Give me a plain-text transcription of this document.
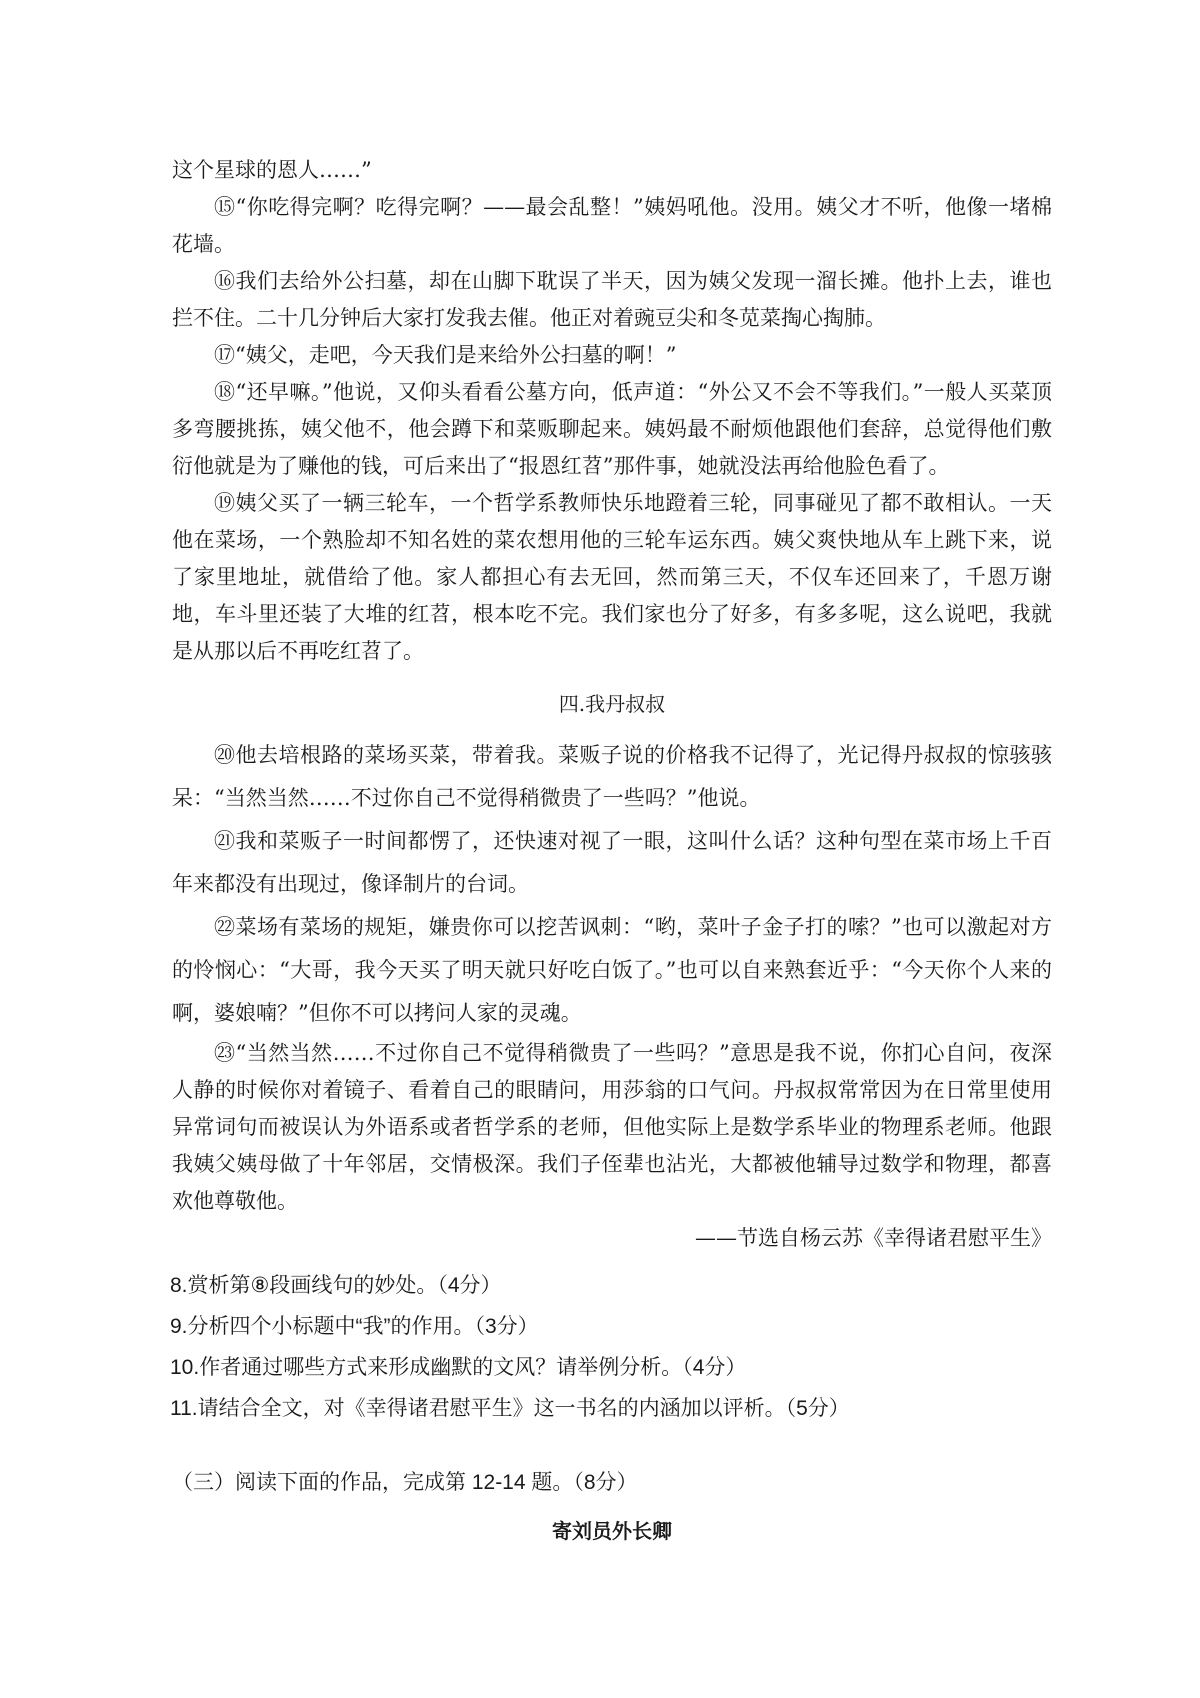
这个星球的恩人……”

⑮“你吃得完啊？吃得完啊？——最会乱整！”姨妈吼他。没用。姨父才不听，他像一堵棉花墙。

⑯我们去给外公扫墓，却在山脚下耽误了半天，因为姨父发现一溜长摊。他扑上去，谁也拦不住。二十几分钟后大家打发我去催。他正对着豌豆尖和冬苋菜掏心掏肺。

⑰“姨父，走吧，今天我们是来给外公扫墓的啊！”

⑱“还早嘛。”他说，又仰头看看公墓方向，低声道：“外公又不会不等我们。”一般人买菜顶多弯腰挑拣，姨父他不，他会蹲下和菜贩聊起来。姨妈最不耐烦他跟他们套辞，总觉得他们敷衍他就是为了赚他的钱，可后来出了“报恩红苕”那件事，她就没法再给他脸色看了。

⑲姨父买了一辆三轮车，一个哲学系教师快乐地蹬着三轮，同事碰见了都不敢相认。一天他在菜场，一个熟脸却不知名姓的菜农想用他的三轮车运东西。姨父爽快地从车上跳下来，说了家里地址，就借给了他。家人都担心有去无回，然而第三天，不仅车还回来了，千恩万谢地，车斗里还装了大堆的红苕，根本吃不完。我们家也分了好多，有多多呢，这么说吧，我就是从那以后不再吃红苕了。

四.我丹叔叔

⑳他去培根路的菜场买菜，带着我。菜贩子说的价格我不记得了，光记得丹叔叔的惊骇骇呆：“当然当然……不过你自己不觉得稍微贵了一些吗？”他说。

㉑我和菜贩子一时间都愣了，还快速对视了一眼，这叫什么话？这种句型在菜市场上千百年来都没有出现过，像译制片的台词。

㉒菜场有菜场的规矩，嫌贵你可以挖苦讽刺：“哟，菜叶子金子打的嗦？”也可以激起对方的怜悯心：“大哥，我今天买了明天就只好吃白饭了。”也可以自来熟套近乎：“今天你个人来的啊，婆娘喃？”但你不可以拷问人家的灵魂。

㉓“当然当然……不过你自己不觉得稍微贵了一些吗？”意思是我不说，你扪心自问，夜深人静的时候你对着镜子、看着自己的眼睛问，用莎翁的口气问。丹叔叔常常因为在日常里使用异常词句而被误认为外语系或者哲学系的老师，但他实际上是数学系毕业的物理系老师。他跟我姨父姨母做了十年邻居，交情极深。我们子侄辈也沾光，大都被他辅导过数学和物理，都喜欢他尊敬他。

——节选自杨云苏《幸得诸君慰平生》

8.赏析第⑧段画线句的妙处。（4分）

9.分析四个小标题中“我”的作用。（3分）

10.作者通过哪些方式来形成幽默的文风？请举例分析。（4分）

11.请结合全文，对《幸得诸君慰平生》这一书名的内涵加以评析。（5分）

（三）阅读下面的作品，完成第 12-14 题。（8分）

寄刘员外长卿
